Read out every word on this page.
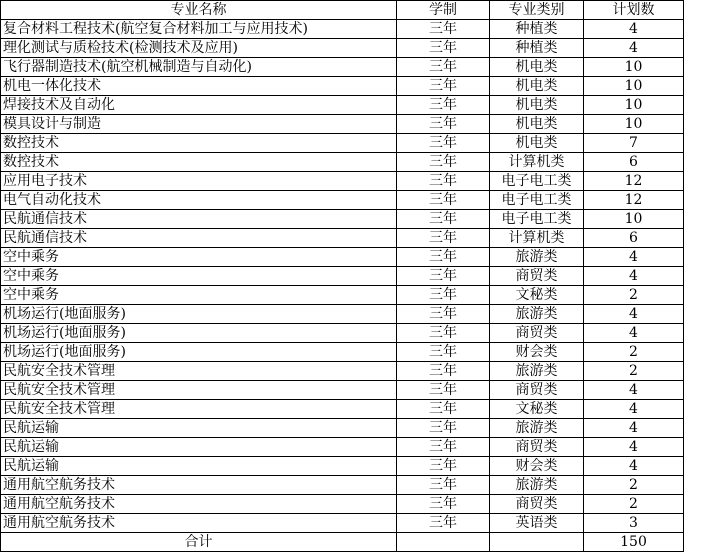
专业名称	学制	专业类别	计划数
复合材料工程技术(航空复合材料加工与应用技术)	三年	种植类	4
理化测试与质检技术(检测技术及应用)	三年	种植类	4
飞行器制造技术(航空机械制造与自动化)	三年	机电类	10
机电一体化技术	三年	机电类	10
焊接技术及自动化	三年	机电类	10
模具设计与制造	三年	机电类	10
数控技术	三年	机电类	7
数控技术	三年	计算机类	6
应用电子技术	三年	电子电工类	12
电气自动化技术	三年	电子电工类	12
民航通信技术	三年	电子电工类	10
民航通信技术	三年	计算机类	6
空中乘务	三年	旅游类	4
空中乘务	三年	商贸类	4
空中乘务	三年	文秘类	2
机场运行(地面服务)	三年	旅游类	4
机场运行(地面服务)	三年	商贸类	4
机场运行(地面服务)	三年	财会类	2
民航安全技术管理	三年	旅游类	2
民航安全技术管理	三年	商贸类	4
民航安全技术管理	三年	文秘类	4
民航运输	三年	旅游类	4
民航运输	三年	商贸类	4
民航运输	三年	财会类	4
通用航空航务技术	三年	旅游类	2
通用航空航务技术	三年	商贸类	2
通用航空航务技术	三年	英语类	3
合计			150
